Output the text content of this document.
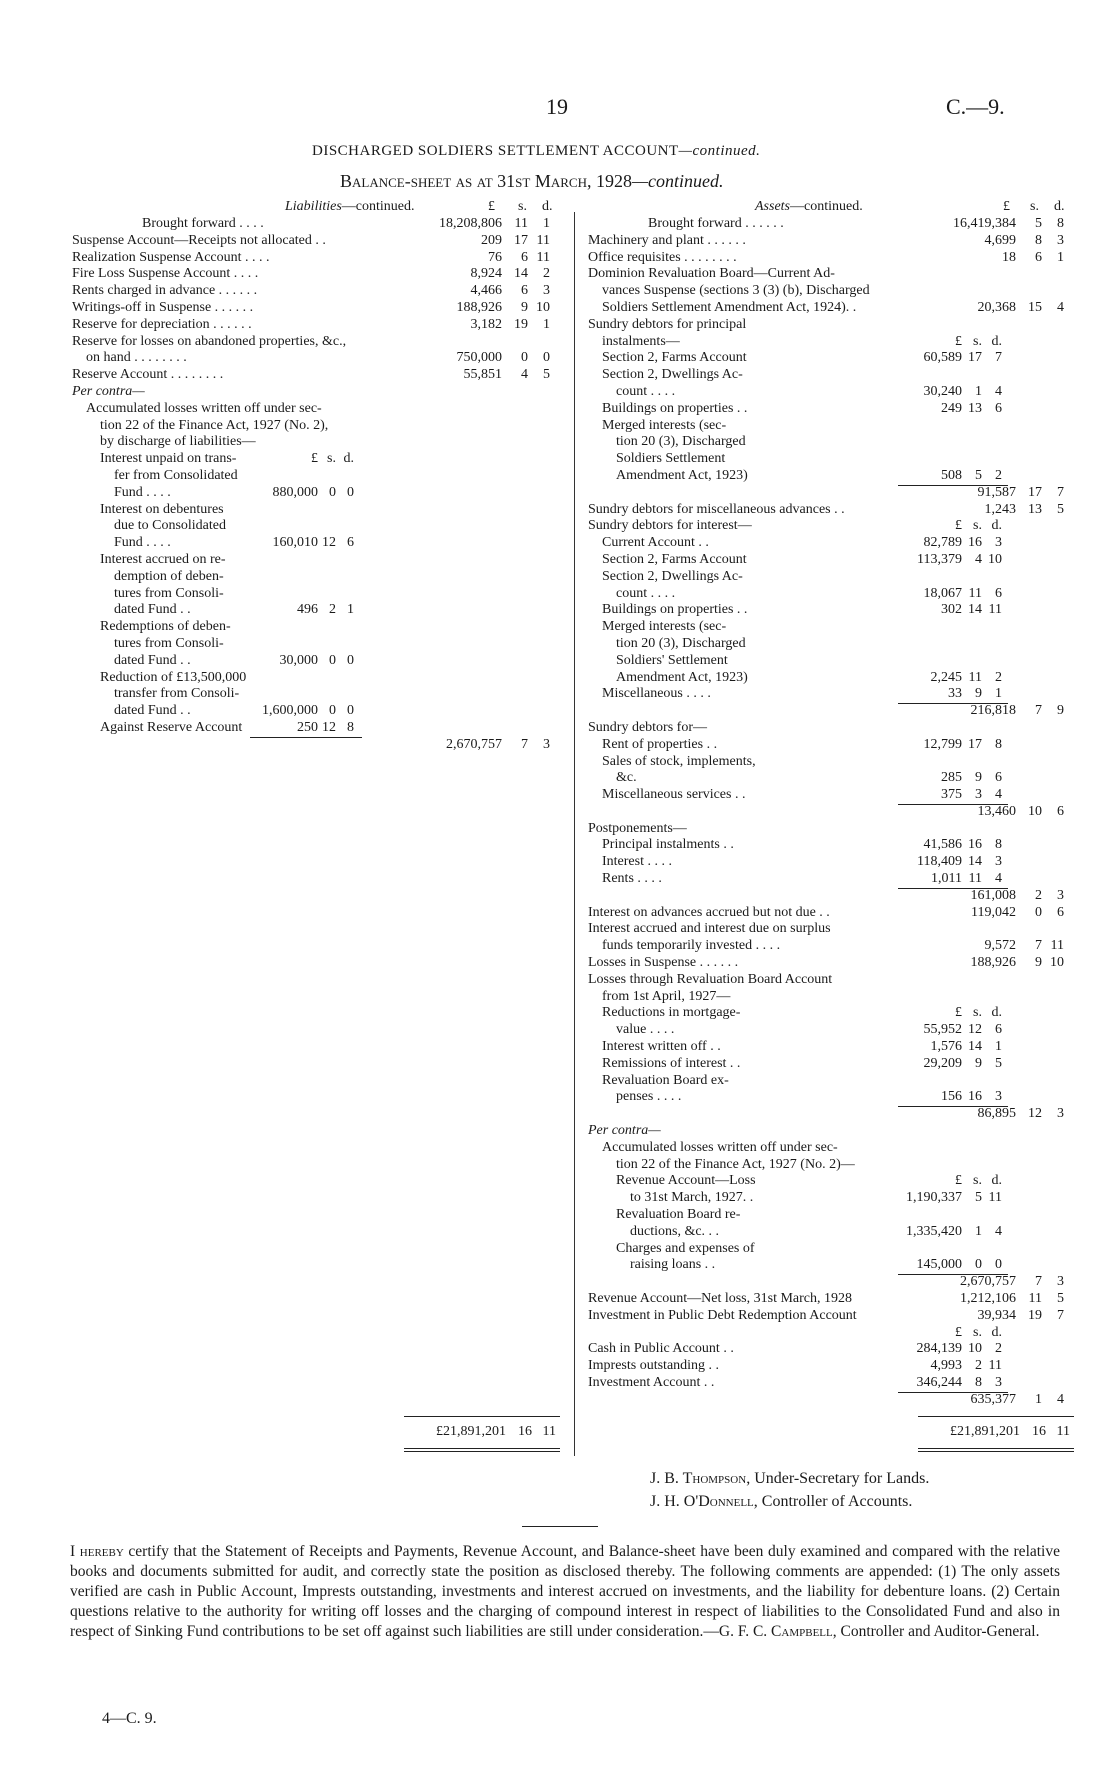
19	C.—9.
DISCHARGED SOLDIERS SETTLEMENT ACCOUNT—continued.
Balance-sheet as at 31st March, 1928—continued.
Liabilities—continued.	£ s. d.
Brought forward . . . .	18,208,806 11 1
Suspense Account—Receipts not allocated . .	209 17 11
Realization Suspense Account . . . .	76 6 11
Fire Loss Suspense Account . . . .	8,924 14 2
Rents charged in advance . . . . . .	4,466 6 3
Writings-off in Suspense . . . . . .	188,926 9 10
Reserve for depreciation . . . . . .	3,182 19 1
Reserve for losses on abandoned properties, &c.,
on hand . . . . . . . .	750,000 0 0
Reserve Account . . . . . . . .	55,851 4 5
Per contra—
Accumulated losses written off under sec-
tion 22 of the Finance Act, 1927 (No. 2),
by discharge of liabilities—
Interest unpaid on trans-	£ s. d.
fer from Consolidated
Fund . . . .	880,000 0 0
Interest on debentures
due to Consolidated
Fund . . . .	160,010 12 6
Interest accrued on re-
demption of deben-
tures from Consoli-
dated Fund . .	496 2 1
Redemptions of deben-
tures from Consoli-
dated Fund . .	30,000 0 0
Reduction of £13,500,000
transfer from Consoli-
dated Fund . .	1,600,000 0 0
Against Reserve Account	250 12 8
2,670,757 7 3
Assets—continued.	£ s. d.
Brought forward . . . . . .	16,419,384 5 8
Machinery and plant . . . . . .	4,699 8 3
Office requisites . . . . . . . .	18 6 1
Dominion Revaluation Board—Current Ad-
vances Suspense (sections 3 (3) (b), Discharged
Soldiers Settlement Amendment Act, 1924). .	20,368 15 4
Sundry debtors for principal
instalments—	£ s. d.
Section 2, Farms Account	60,589 17 7
Section 2, Dwellings Ac-
count . . . .	30,240 1 4
Buildings on properties . .	249 13 6
Merged interests (sec-
tion 20 (3), Discharged
Soldiers Settlement
Amendment Act, 1923)	508 5 2
91,587 17 7
Sundry debtors for miscellaneous advances . .	1,243 13 5
Sundry debtors for interest—	£ s. d.
Current Account . .	82,789 16 3
Section 2, Farms Account	113,379 4 10
Section 2, Dwellings Ac-
count . . . .	18,067 11 6
Buildings on properties . .	302 14 11
Merged interests (sec-
tion 20 (3), Discharged
Soldiers' Settlement
Amendment Act, 1923)	2,245 11 2
Miscellaneous . . . .	33 9 1
216,818 7 9
Sundry debtors for—
Rent of properties . .	12,799 17 8
Sales of stock, implements,
&c.	285 9 6
Miscellaneous services . .	375 3 4
13,460 10 6
Postponements—
Principal instalments . .	41,586 16 8
Interest . . . .	118,409 14 3
Rents . . . .	1,011 11 4
161,008 2 3
Interest on advances accrued but not due . .	119,042 0 6
Interest accrued and interest due on surplus
funds temporarily invested . . . .	9,572 7 11
Losses in Suspense . . . . . .	188,926 9 10
Losses through Revaluation Board Account
from 1st April, 1927—
Reductions in mortgage-	£ s. d.
value . . . .	55,952 12 6
Interest written off . .	1,576 14 1
Remissions of interest . .	29,209 9 5
Revaluation Board ex-
penses . . . .	156 16 3
86,895 12 3
Per contra—
Accumulated losses written off under sec-
tion 22 of the Finance Act, 1927 (No. 2)—
Revenue Account—Loss	£ s. d.
to 31st March, 1927. .	1,190,337 5 11
Revaluation Board re-
ductions, &c. . .	1,335,420 1 4
Charges and expenses of
raising loans . .	145,000 0 0
2,670,757 7 3
Revenue Account—Net loss, 31st March, 1928	1,212,106 11 5
Investment in Public Debt Redemption Account	39,934 19 7
£ s. d.
Cash in Public Account . .	284,139 10 2
Imprests outstanding . .	4,993 2 11
Investment Account . .	346,244 8 3
635,377 1 4
£21,891,201 16 11	£21,891,201 16 11
J. B. Thompson, Under-Secretary for Lands.
J. H. O'Donnell, Controller of Accounts.
I hereby certify that the Statement of Receipts and Payments, Revenue Account, and Balance-sheet have been duly examined and compared with the relative books and documents submitted for audit, and correctly state the position as disclosed thereby. The following comments are appended: (1) The only assets verified are cash in Public Account, Imprests outstanding, investments and interest accrued on investments, and the liability for debenture loans. (2) Certain questions relative to the authority for writing off losses and the charging of compound interest in respect of liabilities to the Consolidated Fund and also in respect of Sinking Fund contributions to be set off against such liabilities are still under consideration.—G. F. C. Campbell, Controller and Auditor-General.
4—C. 9.
